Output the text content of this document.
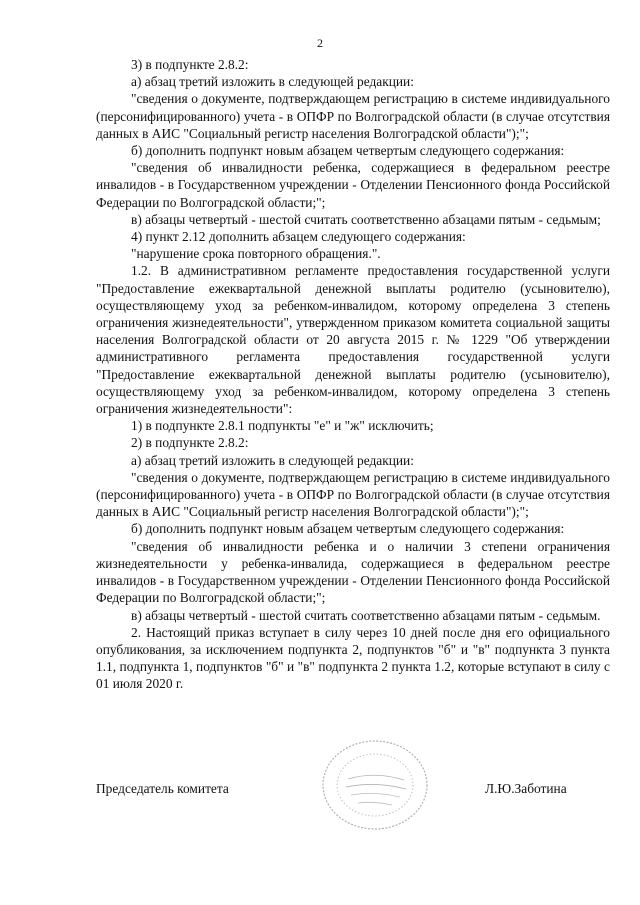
2

3) в подпункте 2.8.2:

а) абзац третий изложить в следующей редакции:

"сведения о документе, подтверждающем регистрацию в системе индивидуального (персонифицированного) учета - в ОПФР по Волгоградской области (в случае отсутствия данных в АИС "Социальный регистр населения Волгоградской области");";

б) дополнить подпункт новым абзацем четвертым следующего содержания:

"сведения об инвалидности ребенка, содержащиеся в федеральном реестре инвалидов - в Государственном учреждении - Отделении Пенсионного фонда Российской Федерации по Волгоградской области;";

в) абзацы четвертый - шестой считать соответственно абзацами пятым - седьмым;

4) пункт 2.12 дополнить абзацем следующего содержания:

"нарушение срока повторного обращения.".

1.2. В административном регламенте предоставления государственной услуги "Предоставление ежеквартальной денежной выплаты родителю (усыновителю), осуществляющему уход за ребенком-инвалидом, которому определена 3 степень ограничения жизнедеятельности", утвержденном приказом комитета социальной защиты населения Волгоградской области от 20 августа 2015 г. № 1229 "Об утверждении административного регламента предоставления государственной услуги "Предоставление ежеквартальной денежной выплаты родителю (усыновителю), осуществляющему уход за ребенком-инвалидом, которому определена 3 степень ограничения жизнедеятельности":

1) в подпункте 2.8.1 подпункты "е" и "ж" исключить;

2) в подпункте 2.8.2:

а) абзац третий изложить в следующей редакции:

"сведения о документе, подтверждающем регистрацию в системе индивидуального (персонифицированного) учета - в ОПФР по Волгоградской области (в случае отсутствия данных в АИС "Социальный регистр населения Волгоградской области");";

б) дополнить подпункт новым абзацем четвертым следующего содержания:

"сведения об инвалидности ребенка и о наличии 3 степени ограничения жизнедеятельности у ребенка-инвалида, содержащиеся в федеральном реестре инвалидов - в Государственном учреждении - Отделении Пенсионного фонда Российской Федерации по Волгоградской области;";

в) абзацы четвертый - шестой считать соответственно абзацами пятым - седьмым.

2. Настоящий приказ вступает в силу через 10 дней после дня его официального опубликования, за исключением подпункта 2, подпунктов "б" и "в" подпункта 3 пункта 1.1, подпункта 1, подпунктов "б" и "в" подпункта 2 пункта 1.2, которые вступают в силу с 01 июля 2020 г.

Председатель комитета	Л.Ю.Заботина
